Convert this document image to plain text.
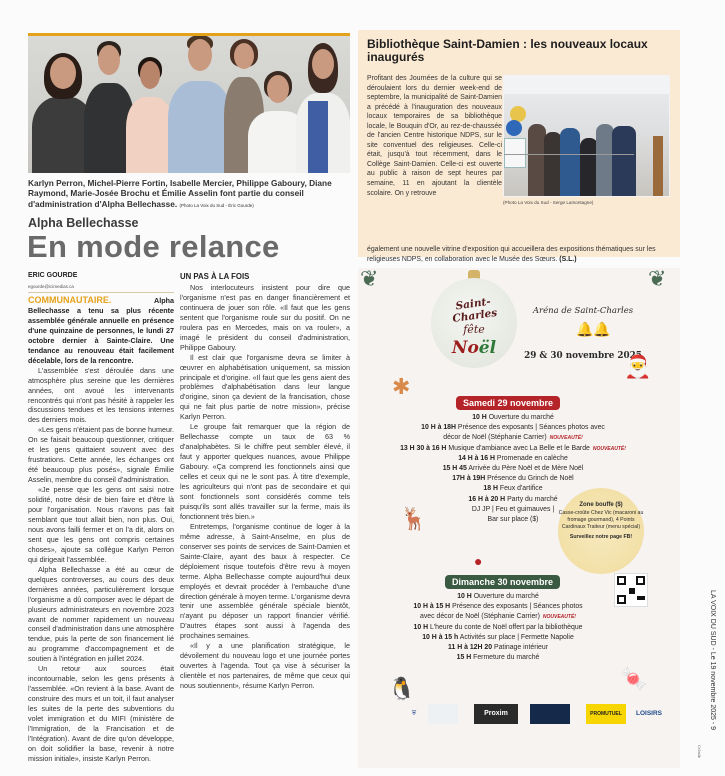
Karlyn Perron, Michel-Pierre Fortin, Isabelle Mercier, Philippe Gaboury, Diane Raymond, Marie-Josée Brochu et Émilie Asselin font partie du conseil d'administration d'Alpha Bellechasse. (Photo La Voix du Sud - Éric Gourde)
Alpha Bellechasse
En mode relance
ERIC GOURDE
egourde@icimedias.ca

COMMUNAUTAIRE.	Alpha Bellechasse a tenu sa plus récente assemblée générale annuelle en présence d'une quinzaine de personnes, le lundi 27 octobre dernier à Sainte-Claire. Une tendance au renouveau était facilement décelable, lors de la rencontre.

L'assemblée s'est déroulée dans une atmosphère plus sereine que les dernières années, ont avoué les intervenants rencontrés qui n'ont pas hésité à rappeler les discussions tendues et les tensions internes des derniers mois.

«Les gens n'étaient pas de bonne humeur. On se faisait beaucoup questionner, critiquer et les gens quittaient souvent avec des frustrations. Cette année, les échanges ont été beaucoup plus posés», signale Émilie Asselin, membre du conseil d'administration.

«Je pense que les gens ont saisi notre solidité, notre désir de bien faire et d'être là pour l'organisation. Nous n'avons pas fait semblant que tout allait bien, non plus. Oui, nous avons failli fermer et on l'a dit, alors on sent que les gens ont compris certaines choses», ajoute sa collègue Karlyn Perron qui dirigeait l'assemblée.

Alpha Bellechasse a été au cœur de quelques controverses, au cours des deux dernières années, particulièrement lorsque l'organisme a dû composer avec le départ de plusieurs administrateurs en novembre 2023 avant de nommer rapidement un nouveau conseil d'administration dans une atmosphère tendue, puis la perte de son financement lié au programme d'accompagnement et de soutien à l'intégration en juillet 2024.

Un retour aux sources était incontournable, selon les gens présents à l'assemblée. «On revient à la base. Avant de construire des murs et un toit, il faut analyser les suites de la perte des subventions du volet immigration et du MIFI (ministère de l'Immigration, de la Francisation et de l'Intégration). Avant de dire qu'on développe, on doit solidifier la base, revenir à notre mission initiale», insiste Karlyn Perron.

UN PAS À LA FOIS

Nos interlocuteurs insistent pour dire que l'organisme n'est pas en danger financièrement et continuera de jouer son rôle. «Il faut que les gens sentent que l'organisme roule sur du positif. On ne roulera pas en Mercedes, mais on va rouler», a imagé le président du conseil d'administration, Philippe Gaboury.

Il est clair que l'organisme devra se limiter à œuvrer en alphabétisation uniquement, sa mission principale et d'origine. «Il faut que les gens aient des problèmes d'alphabétisation dans leur langue d'origine, sinon ça devient de la francisation, chose qui ne fait plus partie de notre mission», précise Karlyn Perron.

Le groupe fait remarquer que la région de Bellechasse compte un taux de 63 % d'analphabètes. Si le chiffre peut sembler élevé, il faut y apporter quelques nuances, avoue Philippe Gaboury. «Ça comprend les fonctionnels ainsi que celles et ceux qui ne le sont pas. À titre d'exemple, les agriculteurs qui n'ont pas de secondaire et qui sont fonctionnels sont considérés comme tels puisqu'ils sont allés travailler sur la ferme, mais ils fonctionnent très bien.»

Entretemps, l'organisme continue de loger à la même adresse, à Saint-Anselme, en plus de conserver ses points de services de Saint-Damien et Sainte-Claire, ayant des baux à respecter. Ce déploiement risque toutefois d'être revu à moyen terme. Alpha Bellechasse compte aujourd'hui deux employés et devrait procéder à l'embauche d'une direction générale à moyen terme. L'organisme devra tenir une assemblée générale spéciale bientôt, n'ayant pu déposer un rapport financier vérifié. D'autres étapes sont aussi à l'agenda des prochaines semaines.

«Il y a une planification stratégique, le dévoilement du nouveau logo et une journée portes ouvertes à l'agenda. Tout ça vise à sécuriser la clientèle et nos partenaires, de même que ceux qui nous soutiennent», résume Karlyn Perron.

Bibliothèque Saint-Damien : les nouveaux locaux inaugurés
Profitant des Journées de la culture qui se déroulaient lors du dernier week-end de septembre, la municipalité de Saint-Damien a précédé à l'inauguration des nouveaux locaux temporaires de sa bibliothèque locale, le Bouquin d'Or, au rez-de-chaussée de l'ancien Centre historique NDPS, sur le site conventuel des religieuses. Celle-ci était, jusqu'à tout récemment, dans le Collège Saint-Damien. Celle-ci est ouverte au public à raison de sept heures par semaine, 11 en ajoutant la clientèle scolaire. On y retrouve
(Photo La Voix du Sud - Serge Lamontagne)
également une nouvelle vitrine d'exposition qui accueillera des expositions thématiques sur les religieuses NDPS, en collaboration avec le Musée des Sœurs. (S.L.)
❦	❦
Saint-Charles
fête
Noël
Aréna de Saint-Charles
🔔🔔
29 & 30 novembre 2025
✱
🎅
🦌
🐧	🍬
●
Samedi 29 novembre
10 H Ouverture du marché
10 H à 18H Présence des exposants | Séances photos avec
décor de Noël (Stéphanie Carrier) NOUVEAUTÉ!
13 H 30 à 16 H Musique d'ambiance avec La Belle et le Barde NOUVEAUTÉ!
14 H à 16 H Promenade en calèche
15 H 45 Arrivée du Père Noël et de Mère Noël
17H à 19H Présence du Grinch de Noël
18 H Feux d'artifice
16 H à 20 H Party du marché
DJ JP | Feu et guimauves |
Bar sur place ($)
Zone bouffe ($)
Casse-croûte Chez Vic (macaroni au fromage gourmand), 4 Points Cardinaux Traiteur (menu spécial)
Surveillez notre page FB!
Dimanche 30 novembre
10 H Ouverture du marché
10 H à 15 H Présence des exposants | Séances photos
avec décor de Noël (Stéphanie Carrier) NOUVEAUTÉ!
10 H L'heure du conte de Noël offert par la bibliothèque
10 H à 15 h Activités sur place | Fermette Napolie
11 H à 12H 20 Patinage intérieur
15 H Fermeture du marché
⛨	Proxim	PROMUTUEL	LOISIRS	LA VOIX DU SUD - Le 19 novembre 2025 - 9
Cr3a4b
